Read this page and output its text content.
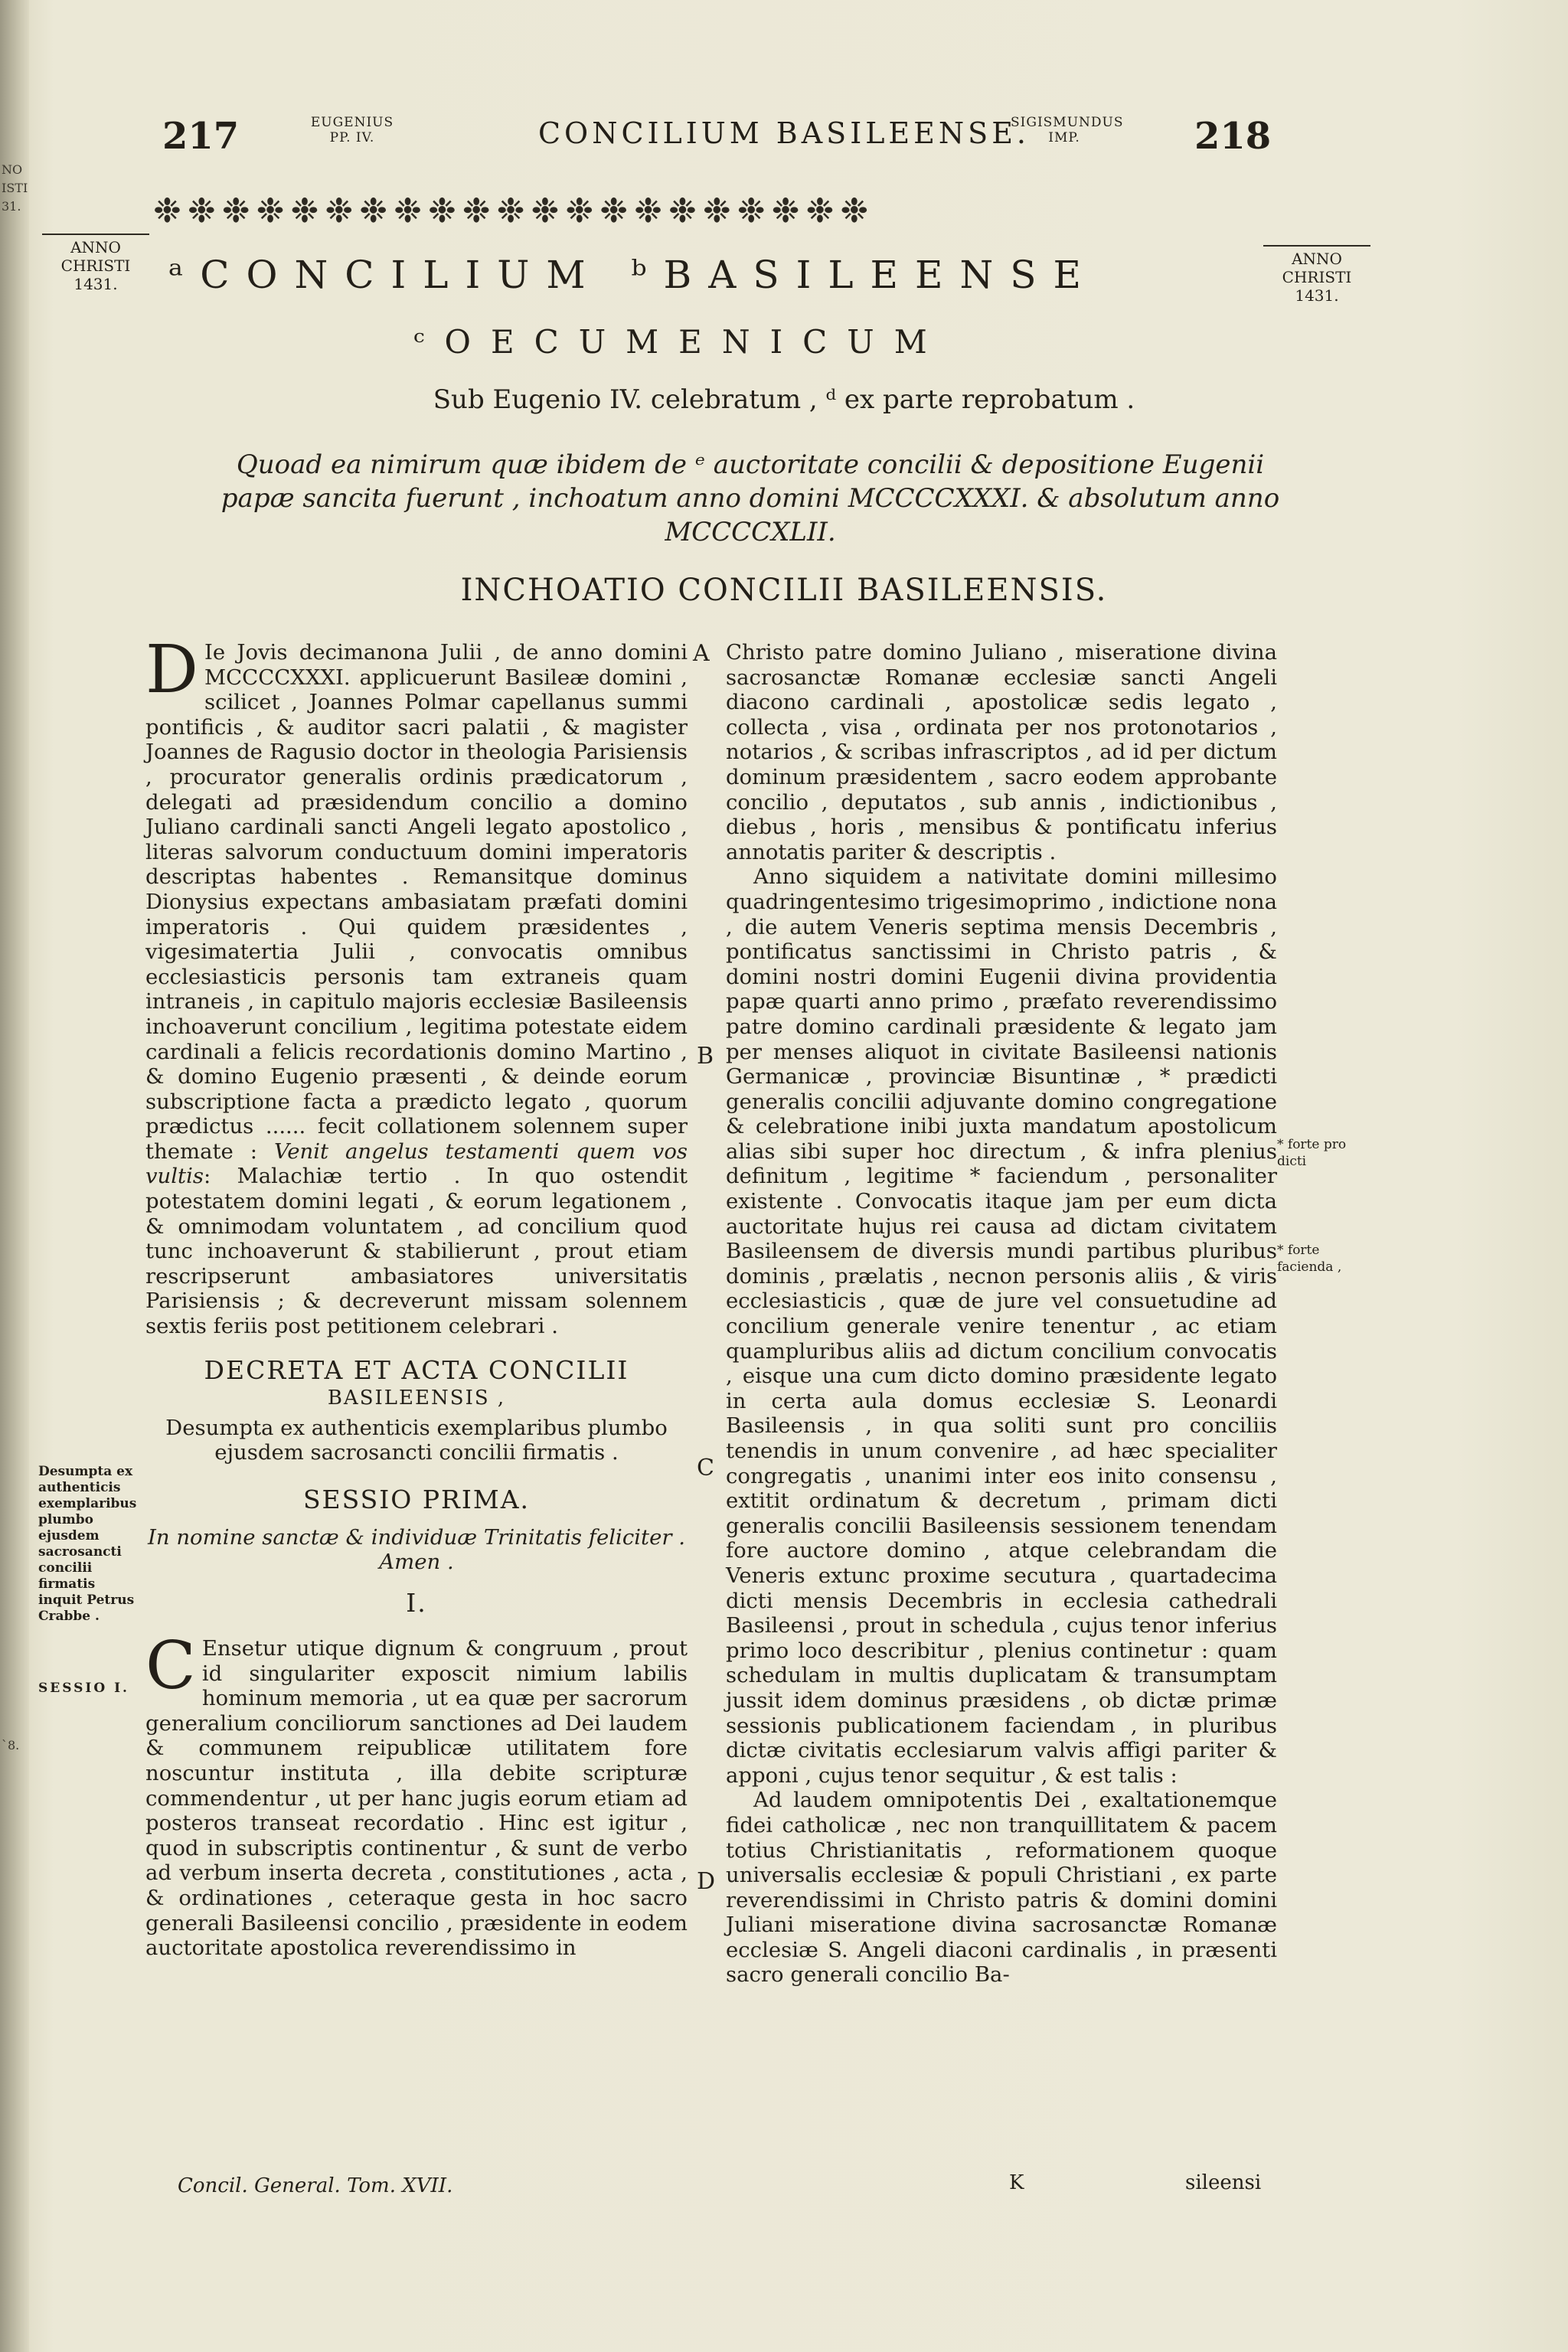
NO
ISTI
31.
`8.
217	EUGENIUS PP. IV.	CONCILIUM BASILEENSE.
SIGISMUNDUS IMP.	218
❉❉❉❉❉❉❉❉❉❉❉❉❉❉❉❉❉❉❉❉❉
ANNO
CHRISTI
1431.
ANNO
CHRISTI
1431.
ᵃCONCILIUM ᵇBASILEENSE
ᶜOECUMENICUM
Sub Eugenio IV. celebratum , ᵈ ex parte reprobatum .
Quoad ea nimirum quæ ibidem de ᵉ auctoritate concilii & depositione Eugenii papæ sancita fuerunt , inchoatum anno domini MCCCCXXXI. & absolutum anno MCCCCXLII.
INCHOATIO CONCILII BASILEENSIS.

D Ie Jovis decimanona Julii , de anno domini MCCCCXXXI. applicuerunt Basileæ domini , scilicet , Joannes Polmar capellanus summi pontificis , & auditor sacri palatii , & magister Joannes de Ragusio doctor in theologia Parisiensis , procurator generalis ordinis prædicatorum , delegati ad præsidendum concilio a domino Juliano cardinali sancti Angeli legato apostolico , literas salvorum conductuum domini imperatoris descriptas habentes . Remansitque dominus Dionysius expectans ambasiatam præfati domini imperatoris . Qui quidem præsidentes , vigesimatertia Julii , convocatis omnibus ecclesiasticis personis tam extraneis quam intraneis , in capitulo majoris ecclesiæ Basileensis inchoaverunt concilium , legitima potestate eidem cardinali a felicis recordationis domino Martino , & domino Eugenio præsenti , & deinde eorum subscriptione facta a prædicto legato , quorum prædictus ...... fecit collationem solennem super themate : Venit angelus testamenti quem vos vultis: Malachiæ tertio . In quo ostendit potestatem domini legati , & eorum legationem , & omnimodam voluntatem , ad concilium quod tunc inchoaverunt & stabilierunt , prout etiam rescripserunt ambasiatores universitatis Parisiensis ; & decreverunt missam solennem sextis feriis post petitionem celebrari .

DECRETA ET ACTA CONCILII
BASILEENSIS ,

Desumpta ex authenticis exemplaribus plumbo ejusdem sacrosancti concilii firmatis .

SESSIO PRIMA.

In nomine sanctæ & individuæ Trinitatis feliciter . Amen .

I.

C Ensetur utique dignum & congruum , prout id singulariter exposcit nimium labilis hominum memoria , ut ea quæ per sacrorum generalium conciliorum sanctiones ad Dei laudem & communem reipublicæ utilitatem fore noscuntur instituta , illa debite scripturæ commendentur , ut per hanc jugis eorum etiam ad posteros transeat recordatio . Hinc est igitur , quod in subscriptis continentur , & sunt de verbo ad verbum inserta decreta , constitutiones , acta , & ordinationes , ceteraque gesta in hoc sacro generali Basileensi concilio , præsidente in eodem auctoritate apostolica reverendissimo in

Christo patre domino Juliano , miseratione divina sacrosanctæ Romanæ ecclesiæ sancti Angeli diacono cardinali , apostolicæ sedis legato , collecta , visa , ordinata per nos protonotarios , notarios , & scribas infrascriptos , ad id per dictum dominum præsidentem , sacro eodem approbante concilio , deputatos , sub annis , indictionibus , diebus , horis , mensibus & pontificatu inferius annotatis pariter & descriptis .

Anno siquidem a nativitate domini millesimo quadringentesimo trigesimoprimo , indictione nona , die autem Veneris septima mensis Decembris , pontificatus sanctissimi in Christo patris , & domini nostri domini Eugenii divina providentia papæ quarti anno primo , præfato reverendissimo patre domino cardinali præsidente & legato jam per menses aliquot in civitate Basileensi nationis Germanicæ , provinciæ Bisuntinæ , * prædicti generalis concilii adjuvante domino congregatione & celebratione inibi juxta mandatum apostolicum alias sibi super hoc directum , & infra plenius definitum , legitime * faciendum , personaliter existente . Convocatis itaque jam per eum dicta auctoritate hujus rei causa ad dictam civitatem Basileensem de diversis mundi partibus pluribus dominis , prælatis , necnon personis aliis , & viris ecclesiasticis , quæ de jure vel consuetudine ad concilium generale venire tenentur , ac etiam quampluribus aliis ad dictum concilium convocatis , eisque una cum dicto domino præsidente legato in certa aula domus ecclesiæ S. Leonardi Basileensis , in qua soliti sunt pro conciliis tenendis in unum convenire , ad hæc specialiter congregatis , unanimi inter eos inito consensu , extitit ordinatum & decretum , primam dicti generalis concilii Basileensis sessionem tenendam fore auctore domino , atque celebrandam die Veneris extunc proxime secutura , quartadecima dicti mensis Decembris in ecclesia cathedrali Basileensi , prout in schedula , cujus tenor inferius primo loco describitur , plenius continetur : quam schedulam in multis duplicatam & transumptam jussit idem dominus præsidens , ob dictæ primæ sessionis publicationem faciendam , in pluribus dictæ civitatis ecclesiarum valvis affigi pariter & apponi , cujus tenor sequitur , & est talis :

Ad laudem omnipotentis Dei , exaltationemque fidei catholicæ , nec non tranquillitatem & pacem totius Christianitatis , reformationem quoque universalis ecclesiæ & populi Christiani , ex parte reverendissimi in Christo patris & domini domini Juliani miseratione divina sacrosanctæ Romanæ ecclesiæ S. Angeli diaconi cardinalis , in præsenti sacro generali concilio Ba-

A
B
C
D
Desumpta ex authenticis exemplaribus plumbo ejusdem sacrosancti concilii firmatis inquit Petrus Crabbe .
SESSIO I.
* forte pro dicti
* forte facienda ,
Concil. General. Tom. XVII.	K	sileensi
